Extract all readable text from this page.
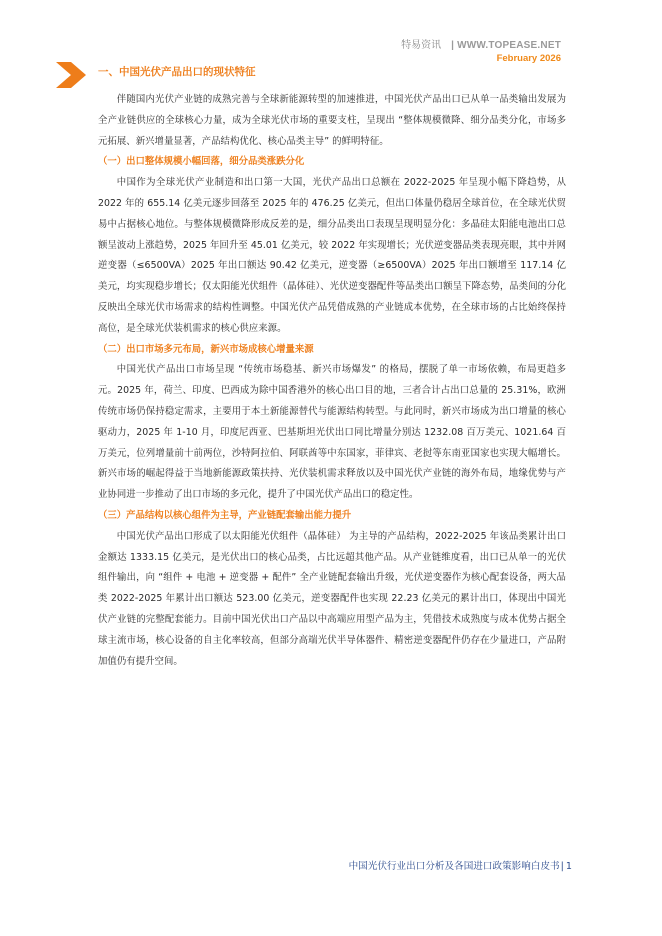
特易资讯 | WWW.TOPEASE.NET
February 2026
一、中国光伏产品出口的现状特征

伴随国内光伏产业链的成熟完善与全球新能源转型的加速推进，中国光伏产品出口已从单一品类输出发展为全产业链供应的全球核心力量，成为全球光伏市场的重要支柱，呈现出 “整体规模微降、细分品类分化，市场多元拓展、新兴增量显著，产品结构优化、核心品类主导” 的鲜明特征。

（一）出口整体规模小幅回落，细分品类涨跌分化

中国作为全球光伏产业制造和出口第一大国，光伏产品出口总额在 2022-2025 年呈现小幅下降趋势，从 2022 年的 655.14 亿美元逐步回落至 2025 年的 476.25 亿美元，但出口体量仍稳居全球首位，在全球光伏贸易中占据核心地位。与整体规模微降形成反差的是，细分品类出口表现呈现明显分化：多晶硅太阳能电池出口总额呈波动上涨趋势，2025 年回升至 45.01 亿美元，较 2022 年实现增长；光伏逆变器品类表现亮眼，其中并网逆变器（≤6500VA）2025 年出口额达 90.42 亿美元，逆变器（≥6500VA）2025 年出口额增至 117.14 亿美元，均实现稳步增长；仅太阳能光伏组件（晶体硅）、光伏逆变器配件等品类出口额呈下降态势，品类间的分化反映出全球光伏市场需求的结构性调整。中国光伏产品凭借成熟的产业链成本优势，在全球市场的占比始终保持高位，是全球光伏装机需求的核心供应来源。

（二）出口市场多元布局，新兴市场成核心增量来源

中国光伏产品出口市场呈现 “传统市场稳基、新兴市场爆发” 的格局，摆脱了单一市场依赖，布局更趋多元。2025 年，荷兰、印度、巴西成为除中国香港外的核心出口目的地，三者合计占出口总量的 25.31%，欧洲传统市场仍保持稳定需求，主要用于本土新能源替代与能源结构转型。与此同时，新兴市场成为出口增量的核心驱动力，2025 年 1-10 月，印度尼西亚、巴基斯坦光伏出口同比增量分别达 1232.08 百万美元、1021.64 百万美元，位列增量前十前两位，沙特阿拉伯、阿联酋等中东国家，菲律宾、老挝等东南亚国家也实现大幅增长。新兴市场的崛起得益于当地新能源政策扶持、光伏装机需求释放以及中国光伏产业链的海外布局，地缘优势与产业协同进一步推动了出口市场的多元化，提升了中国光伏产品出口的稳定性。

（三）产品结构以核心组件为主导，产业链配套输出能力提升

中国光伏产品出口形成了以太阳能光伏组件（晶体硅） 为主导的产品结构，2022-2025 年该品类累计出口金额达 1333.15 亿美元，是光伏出口的核心品类，占比远超其他产品。从产业链维度看，出口已从单一的光伏组件输出，向 “组件 + 电池 + 逆变器 + 配件” 全产业链配套输出升级，光伏逆变器作为核心配套设备，两大品类 2022-2025 年累计出口额达 523.00 亿美元，逆变器配件也实现 22.23 亿美元的累计出口，体现出中国光伏产业链的完整配套能力。目前中国光伏出口产品以中高端应用型产品为主，凭借技术成熟度与成本优势占据全球主流市场，核心设备的自主化率较高，但部分高端光伏半导体器件、精密逆变器配件仍存在少量进口，产品附加值仍有提升空间。

中国光伏行业出口分析及各国进口政策影响白皮书| 1
